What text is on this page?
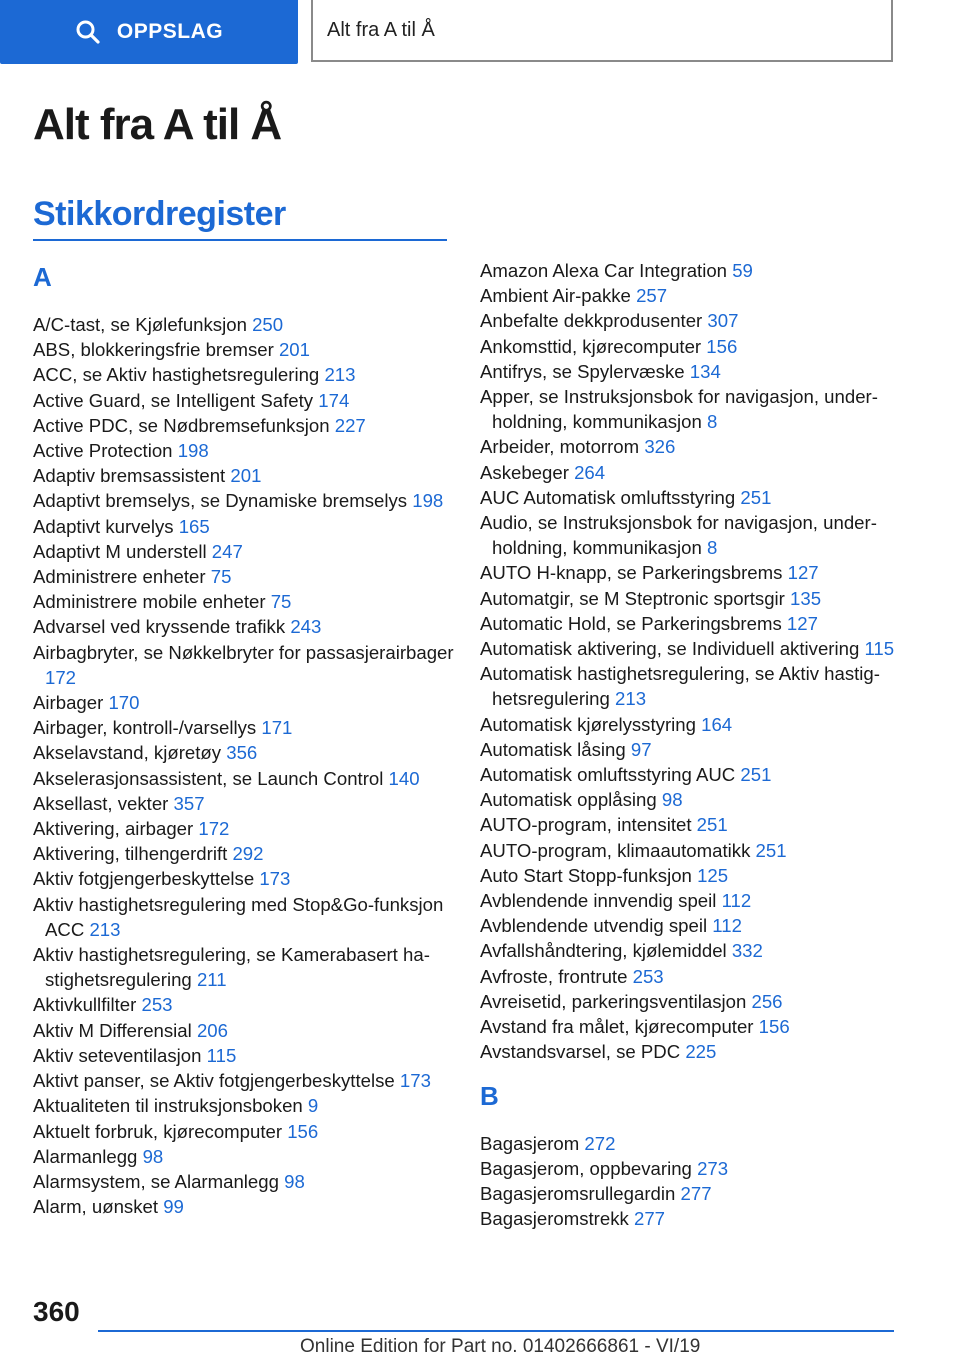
OPPSLAG	Alt fra A til Å
Alt fra A til Å
Stikkordregister
A
A/C-tast, se Kjølefunksjon 250
ABS, blokkeringsfrie bremser 201
ACC, se Aktiv hastighetsregulering 213
Active Guard, se Intelligent Safety 174
Active PDC, se Nødbremsefunksjon 227
Active Protection 198
Adaptiv bremsassistent 201
Adaptivt bremselys, se Dynamiske bremselys 198
Adaptivt kurvelys 165
Adaptivt M understell 247
Administrere enheter 75
Administrere mobile enheter 75
Advarsel ved kryssende trafikk 243
Airbagbryter, se Nøkkelbryter for passasjerairbager 172
Airbager 170
Airbager, kontroll-/varsellys 171
Akselavstand, kjøretøy 356
Akselerasjonsassistent, se Launch Control 140
Aksellast, vekter 357
Aktivering, airbager 172
Aktivering, tilhengerdrift 292
Aktiv fotgjengerbeskyttelse 173
Aktiv hastighetsregulering med Stop&Go-funksjon ACC 213
Aktiv hastighetsregulering, se Kamerabasert hastighetsregulering 211
Aktivkullfilter 253
Aktiv M Differensial 206
Aktiv seteventilasjon 115
Aktivt panser, se Aktiv fotgjengerbeskyttelse 173
Aktualiteten til instruksjonsboken 9
Aktuelt forbruk, kjørecomputer 156
Alarmanlegg 98
Alarmsystem, se Alarmanlegg 98
Alarm, uønsket 99
Amazon Alexa Car Integration 59
Ambient Air-pakke 257
Anbefalte dekkprodusenter 307
Ankomsttid, kjørecomputer 156
Antifrys, se Spylervæske 134
Apper, se Instruksjonsbok for navigasjon, underholdning, kommunikasjon 8
Arbeider, motorrom 326
Askebeger 264
AUC Automatisk omluftsstyring 251
Audio, se Instruksjonsbok for navigasjon, underholdning, kommunikasjon 8
AUTO H-knapp, se Parkeringsbrems 127
Automatgir, se M Steptronic sportsgir 135
Automatic Hold, se Parkeringsbrems 127
Automatisk aktivering, se Individuell aktivering 115
Automatisk hastighetsregulering, se Aktiv hastighetsregulering 213
Automatisk kjørelysstyring 164
Automatisk låsing 97
Automatisk omluftsstyring AUC 251
Automatisk opplåsing 98
AUTO-program, intensitet 251
AUTO-program, klimaautomatikk 251
Auto Start Stopp-funksjon 125
Avblendende innvendig speil 112
Avblendende utvendig speil 112
Avfallshåndtering, kjølemiddel 332
Avfroste, frontrute 253
Avreisetid, parkeringsventilasjon 256
Avstand fra målet, kjørecomputer 156
Avstandsvarsel, se PDC 225
B
Bagasjerom 272
Bagasjerom, oppbevaring 273
Bagasjeromsrullegardin 277
Bagasjeromstrekk 277
360
Online Edition for Part no. 01402666861 - VI/19
